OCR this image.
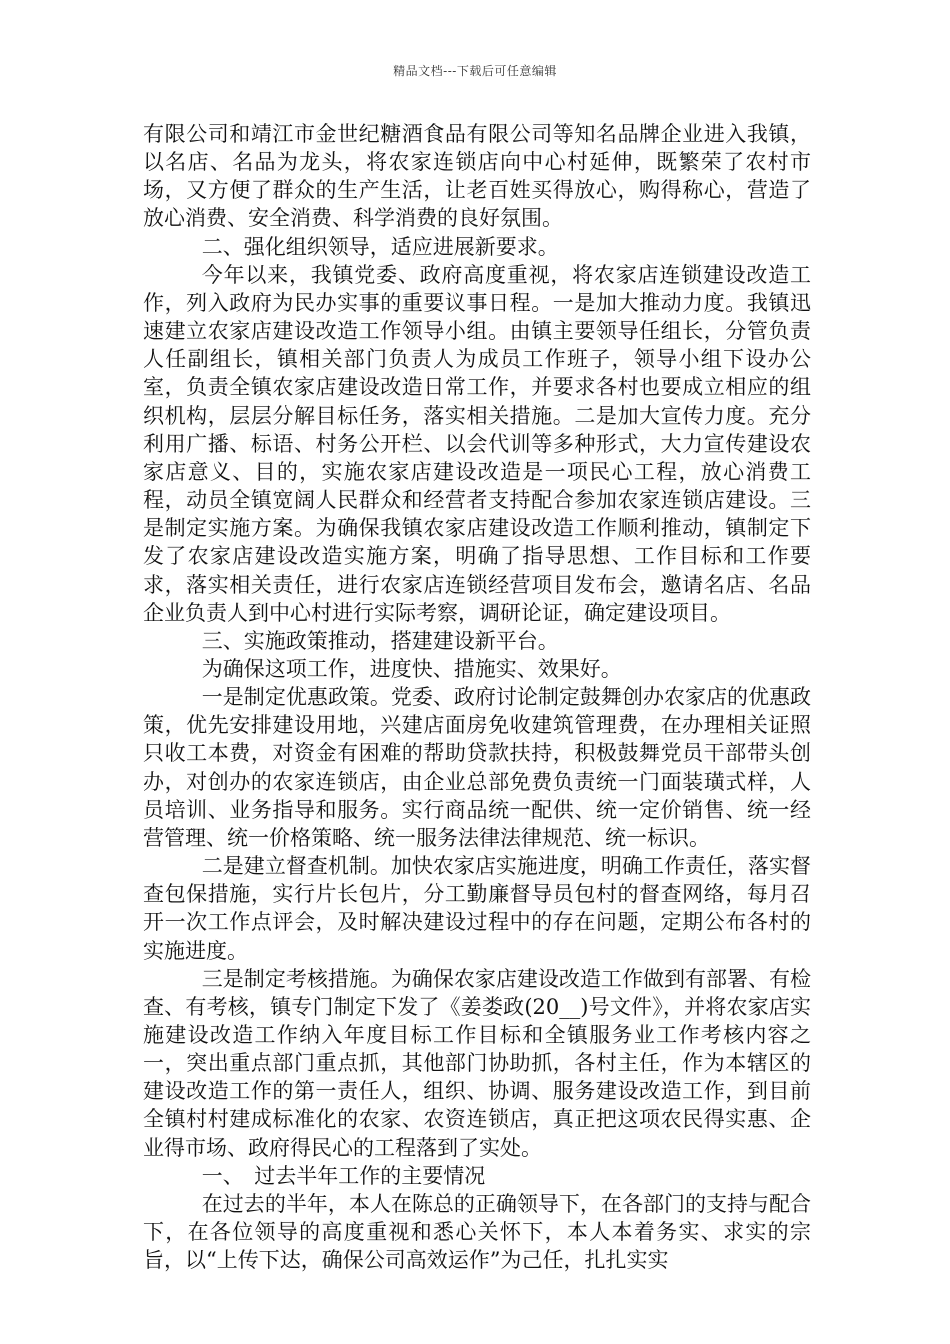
精品文档---下载后可任意编辑

有限公司和靖江市金世纪糖酒食品有限公司等知名品牌企业进入我镇，以名店、名品为龙头，将农家连锁店向中心村延伸，既繁荣了农村市场，又方便了群众的生产生活，让老百姓买得放心，购得称心，营造了放心消费、安全消费、科学消费的良好氛围。

二、强化组织领导，适应进展新要求。

今年以来，我镇党委、政府高度重视，将农家店连锁建设改造工作，列入政府为民办实事的重要议事日程。一是加大推动力度。我镇迅速建立农家店建设改造工作领导小组。由镇主要领导任组长，分管负责人任副组长，镇相关部门负责人为成员工作班子，领导小组下设办公室，负责全镇农家店建设改造日常工作，并要求各村也要成立相应的组织机构，层层分解目标任务，落实相关措施。二是加大宣传力度。充分利用广播、标语、村务公开栏、以会代训等多种形式，大力宣传建设农家店意义、目的，实施农家店建设改造是一项民心工程，放心消费工程，动员全镇宽阔人民群众和经营者支持配合参加农家连锁店建设。三是制定实施方案。为确保我镇农家店建设改造工作顺利推动，镇制定下发了农家店建设改造实施方案，明确了指导思想、工作目标和工作要求，落实相关责任，进行农家店连锁经营项目发布会，邀请名店、名品企业负责人到中心村进行实际考察，调研论证，确定建设项目。

三、实施政策推动，搭建建设新平台。

为确保这项工作，进度快、措施实、效果好。

一是制定优惠政策。党委、政府讨论制定鼓舞创办农家店的优惠政策，优先安排建设用地，兴建店面房免收建筑管理费，在办理相关证照只收工本费，对资金有困难的帮助贷款扶持，积极鼓舞党员干部带头创办，对创办的农家连锁店，由企业总部免费负责统一门面装璜式样，人员培训、业务指导和服务。实行商品统一配供、统一定价销售、统一经营管理、统一价格策略、统一服务法律法律规范、统一标识。

二是建立督查机制。加快农家店实施进度，明确工作责任，落实督查包保措施，实行片长包片，分工勤廉督导员包村的督查网络，每月召开一次工作点评会，及时解决建设过程中的存在问题，定期公布各村的实施进度。

三是制定考核措施。为确保农家店建设改造工作做到有部署、有检查、有考核，镇专门制定下发了《姜娄政(20__)号文件》，并将农家店实施建设改造工作纳入年度目标工作目标和全镇服务业工作考核内容之一，突出重点部门重点抓，其他部门协助抓，各村主任，作为本辖区的建设改造工作的第一责任人，组织、协调、服务建设改造工作，到目前全镇村村建成标准化的农家、农资连锁店，真正把这项农民得实惠、企业得市场、政府得民心的工程落到了实处。

一、　过去半年工作的主要情况

在过去的半年，本人在陈总的正确领导下，在各部门的支持与配合下，在各位领导的高度重视和悉心关怀下，本人本着务实、求实的宗旨，以“上传下达，确保公司高效运作”为己任，扎扎实实
